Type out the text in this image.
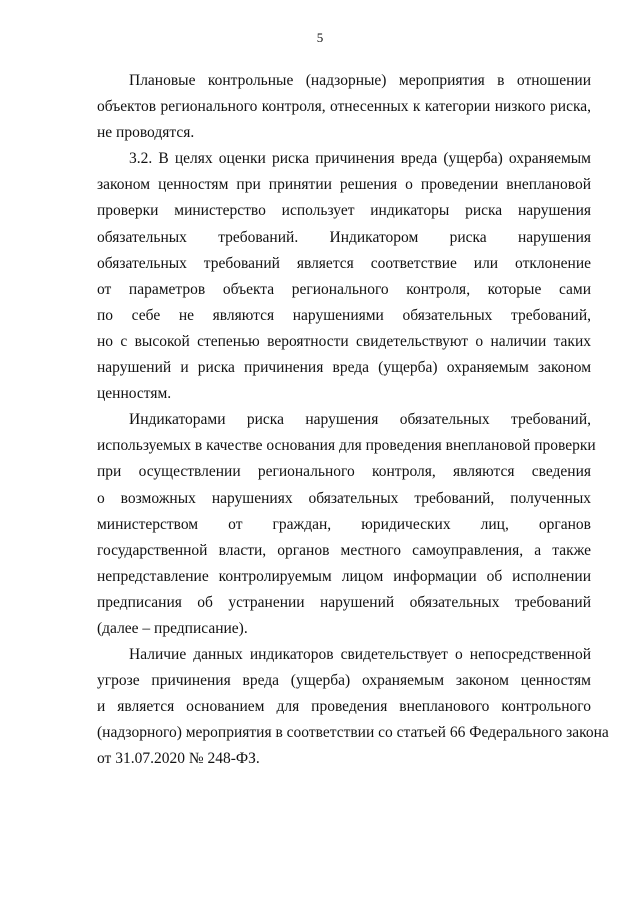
5
Плановые контрольные (надзорные) мероприятия в отношении
объектов регионального контроля, отнесенных к категории низкого риска,
не проводятся.
3.2. В целях оценки риска причинения вреда (ущерба) охраняемым
законом ценностям при принятии решения о проведении внеплановой
проверки министерство использует индикаторы риска нарушения
обязательных требований. Индикатором риска нарушения
обязательных требований является соответствие или отклонение
от параметров объекта регионального контроля, которые сами
по себе не являются нарушениями обязательных требований,
но с высокой степенью вероятности свидетельствуют о наличии таких
нарушений и риска причинения вреда (ущерба) охраняемым законом
ценностям.
Индикаторами риска нарушения обязательных требований,
используемых в качестве основания для проведения внеплановой проверки
при осуществлении регионального контроля, являются сведения
о возможных нарушениях обязательных требований, полученных
министерством от граждан, юридических лиц, органов
государственной власти, органов местного самоуправления, а также
непредставление контролируемым лицом информации об исполнении
предписания об устранении нарушений обязательных требований
(далее – предписание).
Наличие данных индикаторов свидетельствует о непосредственной
угрозе причинения вреда (ущерба) охраняемым законом ценностям
и является основанием для проведения внепланового контрольного
(надзорного) мероприятия в соответствии со статьей 66 Федерального закона
от 31.07.2020 № 248-ФЗ.
